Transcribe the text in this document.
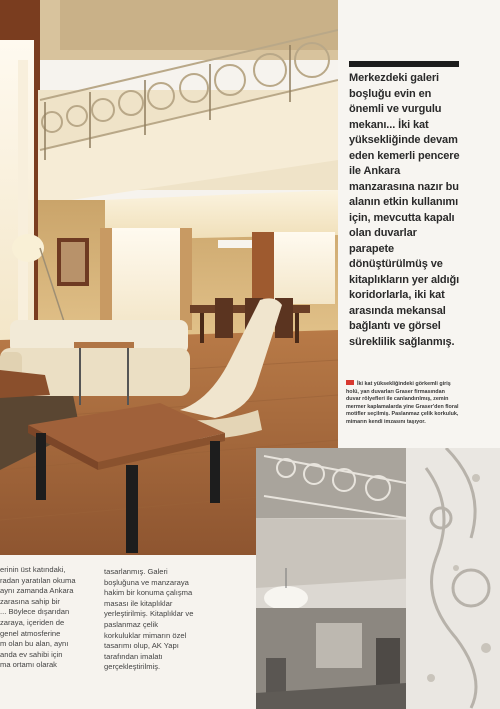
Merkezdeki galeri boşluğu evin en önemli ve vurgulu mekanı... İki kat yüksekliğinde devam eden kemerli pencere ile Ankara manzarasına nazır bu alanın etkin kullanımı için, mevcutta kapalı olan duvarlar parapete dönüştürülmüş ve kitaplıkların yer aldığı koridorlarla, iki kat arasında mekansal bağlantı ve görsel süreklilik sağlanmış.

İki kat yüksekliğindeki görkemli giriş holü, yan duvarları Graser firmasından duvar rölyefleri ile canlandırılmış, zemin mermer kaplamalarda yine Graser'den floral motifler seçilmiş. Paslanmaz çelik korkuluk, mimarın kendi imzasını taşıyor.

erinin üst katındaki,
radan yaratılan okuma
aynı zamanda Ankara
zarasına sahip bir
... Böylece dışarıdan
zaraya, içeriden de
genel atmosferine
m olan bu alan, aynı
anda ev sahibi için
ma ortamı olarak
tasarlanmış. Galeri
boşluğuna ve manzaraya
hakim bir konuma çalışma
masası ile kitaplıklar
yerleştirilmiş. Kitaplıklar ve
paslanmaz çelik
korkuluklar mimarın özel
tasarımı olup, AK Yapı
tarafından imalatı
gerçekleştirilmiş.
